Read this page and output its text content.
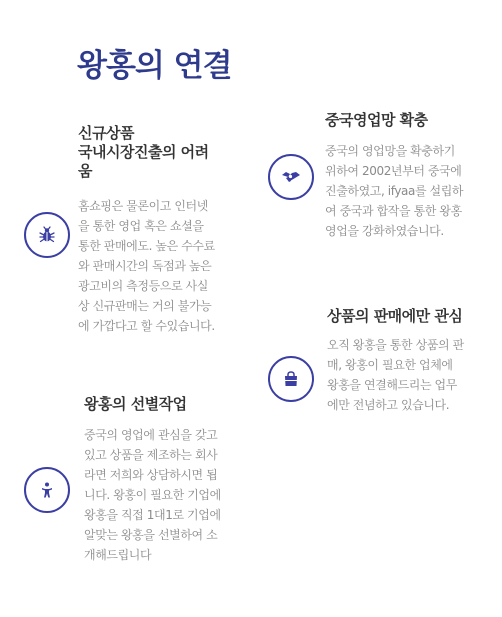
왕홍의 연결
신규상품
국내시장진출의 어려움

홈쇼핑은 물론이고 인터넷을 통한 영업 혹은 쇼셜을 통한 판매에도. 높은 수수료와 판매시간의 독점과 높은 광고비의 측정등으로 사실상 신규판매는 거의 불가능에 가깝다고 할 수있습니다.

중국영업망 확충

중국의 영업망을 확충하기위하여 2002년부터 중국에 진출하였고, ifyaa를 설립하여 중국과 합작을 통한 왕홍 영업을 강화하였습니다.

상품의 판매에만 관심

오직 왕홍을 통한 상품의 판매, 왕홍이 필요한 업체에 왕홍을 연결해드리는 업무에만 전념하고 있습니다.

왕홍의 선별작업

중국의 영업에 관심을 갖고있고 상품을 제조하는 회사라면 저희와 상담하시면 됩니다. 왕홍이 필요한 기업에 왕홍을 직접 1대1로 기업에 알맞는 왕홍을 선별하여 소개해드립니다
